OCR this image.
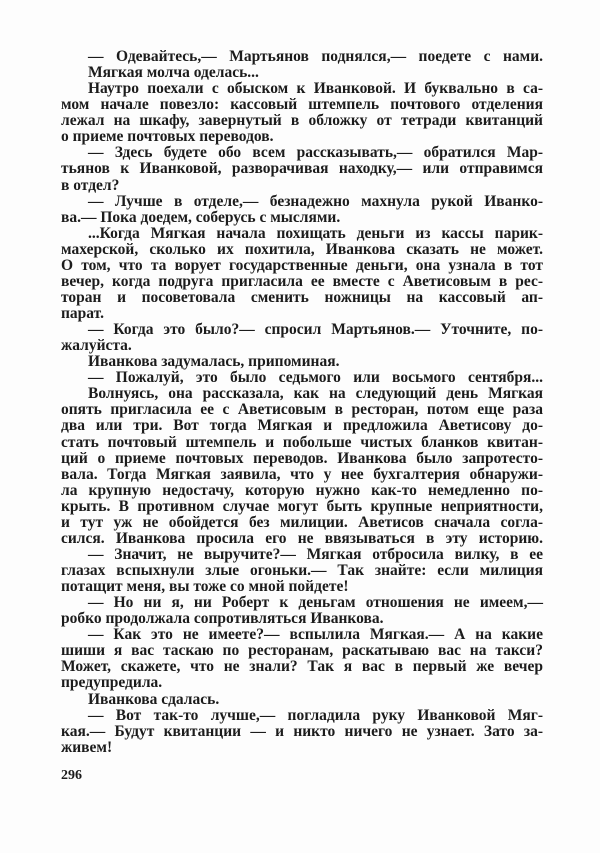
— Одевайтесь,— Мартьянов поднялся,— поедете с нами.
Мягкая молча оделась...
Наутро поехали с обыском к Иванковой. И буквально в са-
мом начале повезло: кассовый штемпель почтового отделения
лежал на шкафу, завернутый в обложку от тетради квитанций
о приеме почтовых переводов.
— Здесь будете обо всем рассказывать,— обратился Мар-
тьянов к Иванковой, разворачивая находку,— или отправимся
в отдел?
— Лучше в отделе,— безнадежно махнула рукой Иванко-
ва.— Пока доедем, соберусь с мыслями.
...Когда Мягкая начала похищать деньги из кассы парик-
махерской, сколько их похитила, Иванкова сказать не может.
О том, что та ворует государственные деньги, она узнала в тот
вечер, когда подруга пригласила ее вместе с Аветисовым в рес-
торан и посоветовала сменить ножницы на кассовый ап-
парат.
— Когда это было?— спросил Мартьянов.— Уточните, по-
жалуйста.
Иванкова задумалась, припоминая.
— Пожалуй, это было седьмого или восьмого сентября...
Волнуясь, она рассказала, как на следующий день Мягкая
опять пригласила ее с Аветисовым в ресторан, потом еще раза
два или три. Вот тогда Мягкая и предложила Аветисову до-
стать почтовый штемпель и побольше чистых бланков квитан-
ций о приеме почтовых переводов. Иванкова было запротесто-
вала. Тогда Мягкая заявила, что у нее бухгалтерия обнаружи-
ла крупную недостачу, которую нужно как-то немедленно по-
крыть. В противном случае могут быть крупные неприятности,
и тут уж не обойдется без милиции. Аветисов сначала согла-
сился. Иванкова просила его не ввязываться в эту историю.
— Значит, не выручите?— Мягкая отбросила вилку, в ее
глазах вспыхнули злые огоньки.— Так знайте: если милиция
потащит меня, вы тоже со мной пойдете!
— Но ни я, ни Роберт к деньгам отношения не имеем,—
робко продолжала сопротивляться Иванкова.
— Как это не имеете?— вспылила Мягкая.— А на какие
шиши я вас таскаю по ресторанам, раскатываю вас на такси?
Может, скажете, что не знали? Так я вас в первый же вечер
предупредила.
Иванкова сдалась.
— Вот так-то лучше,— погладила руку Иванковой Мяг-
кая.— Будут квитанции — и никто ничего не узнает. Зато за-
живем!
296
